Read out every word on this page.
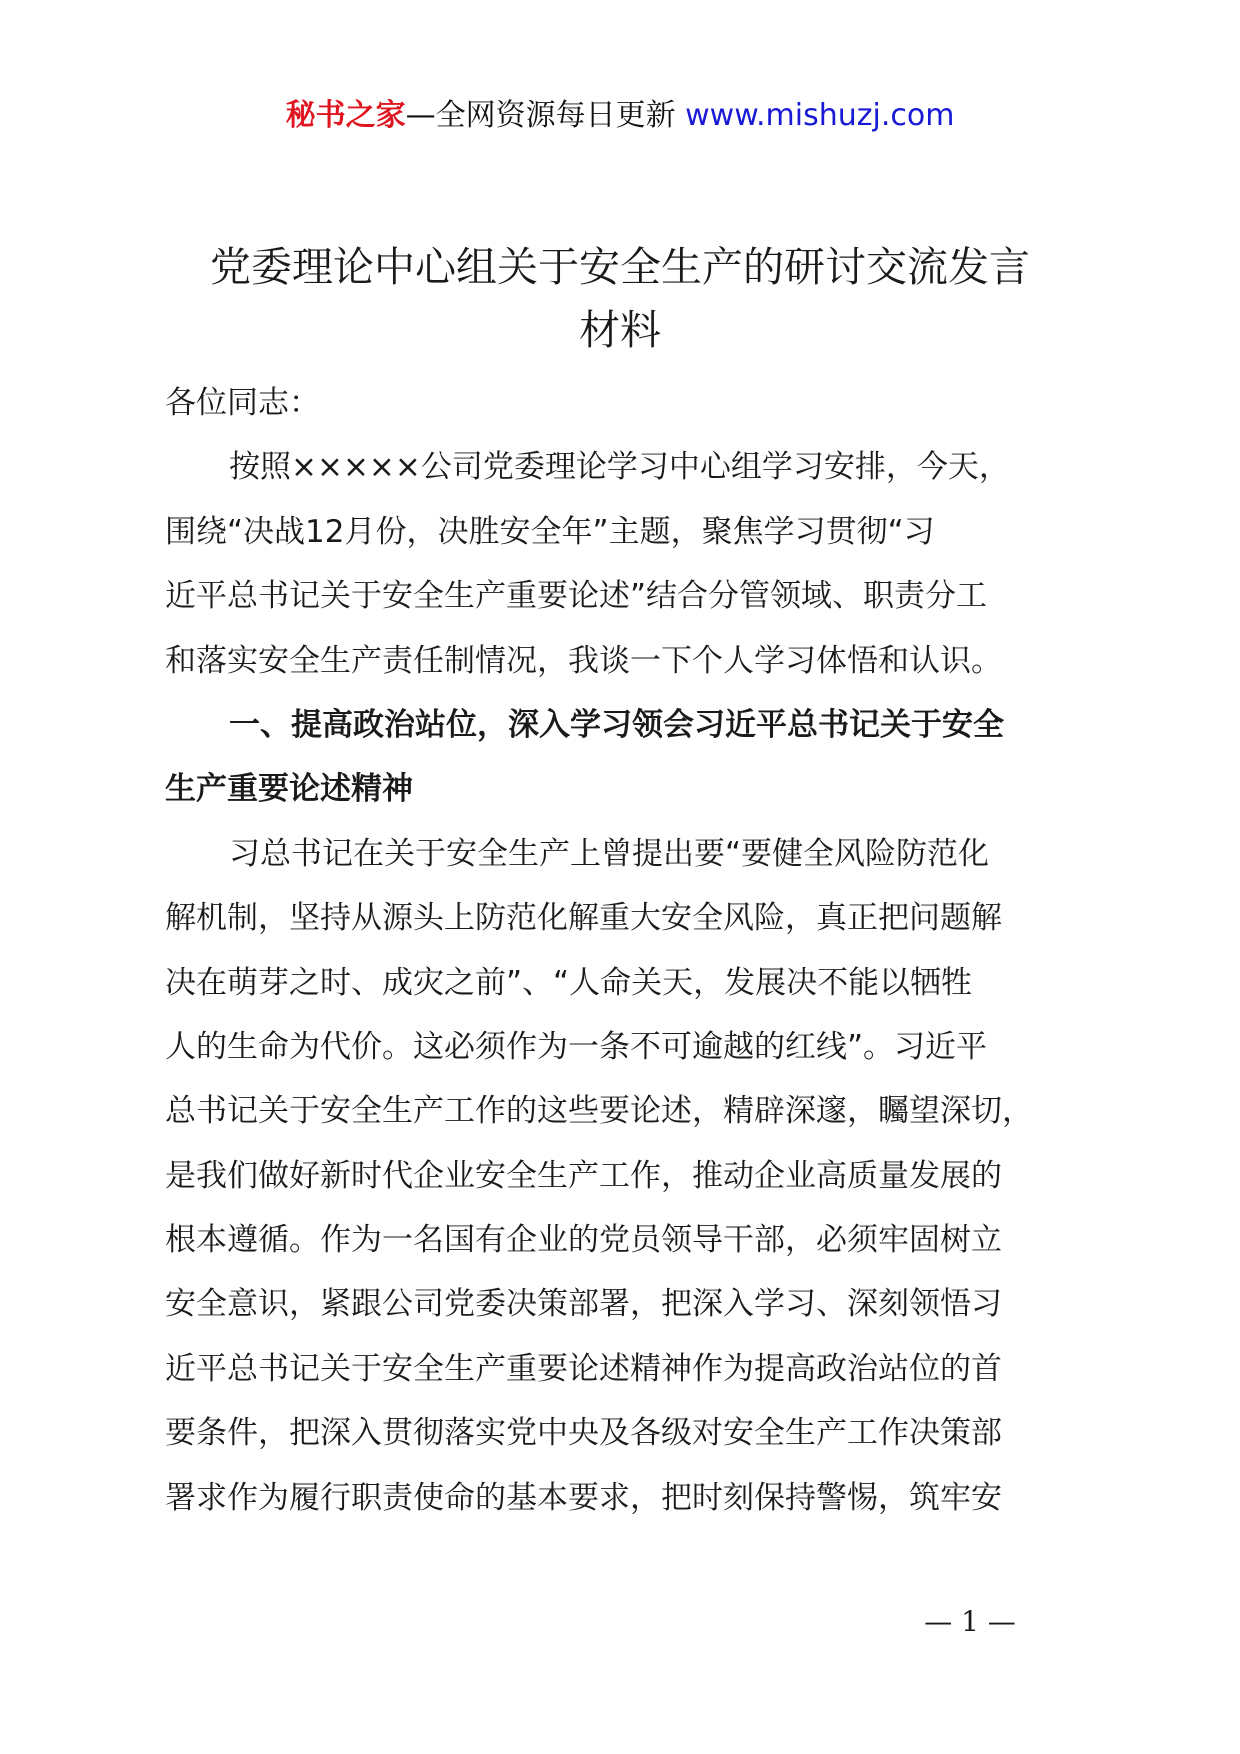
秘书之家—全网资源每日更新 www.mishuzj.com
党委理论中心组关于安全生产的研讨交流发言
材料
各位同志：
按照×××××公司党委理论学习中心组学习安排，今天，
围绕“决战12月份，决胜安全年”主题，聚焦学习贯彻“习
近平总书记关于安全生产重要论述”结合分管领域、职责分工
和落实安全生产责任制情况，我谈一下个人学习体悟和认识。
一、提高政治站位，深入学习领会习近平总书记关于安全
生产重要论述精神
习总书记在关于安全生产上曾提出要“要健全风险防范化
解机制，坚持从源头上防范化解重大安全风险，真正把问题解
决在萌芽之时、成灾之前”、“人命关天，发展决不能以牺牲
人的生命为代价。这必须作为一条不可逾越的红线”。习近平
总书记关于安全生产工作的这些要论述，精辟深邃，矚望深切，
是我们做好新时代企业安全生产工作，推动企业高质量发展的
根本遵循。作为一名国有企业的党员领导干部，必须牢固树立
安全意识，紧跟公司党委决策部署，把深入学习、深刻领悟习
近平总书记关于安全生产重要论述精神作为提高政治站位的首
要条件，把深入贯彻落实党中央及各级对安全生产工作决策部
署求作为履行职责使命的基本要求，把时刻保持警惕，筑牢安
— 1 —
